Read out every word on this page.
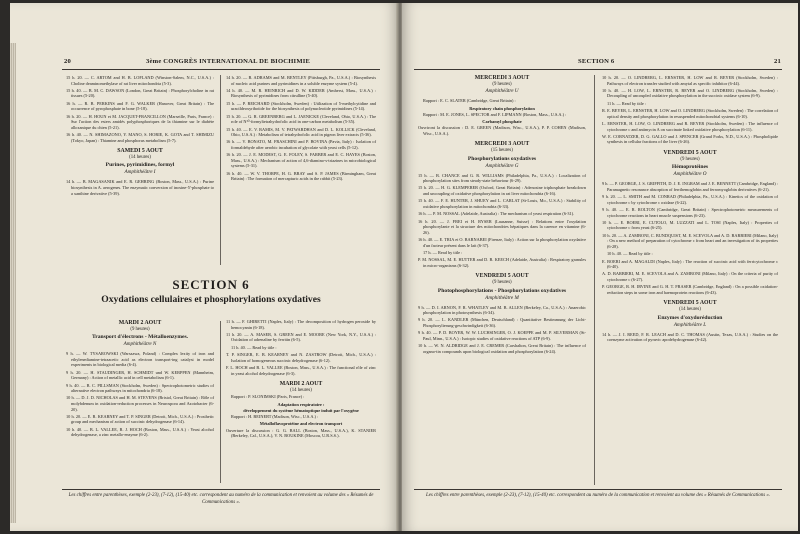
20	3ème CONGRÈS INTERNATIONAL DE BIOCHIMIE

15 h. 20. — C. ARTOM and H. B. LOFLAND (Winston-Salem, N.C., U.S.A.) : Choline deaminomethylase of rat liver mitochondria (5-3).

15 h. 40. — B. M. C. DAWSON (London, Great Britain) : Phosphorylcholine in rat tissues (5-20).

16 h. — R. B. PERKINS and F. G. WALKER (Hanover, Great Britain) : The occurrence of pyrophosphate in bone (5-18).

16 h. 20. — H. HOUN et M. JACQUET-FRANCILLON (Marseille, Paris, France) : Sur l'action des esters amidés polyphosphoriques de la thiamine sur le diabète alloxanique du chien (5-21).

16 h. 40. — N. SHIMAZONO, Y. MANO, S. HORIE, K. GOTA and T. SHIMIZU (Tokyo, Japan) : Thiamine and phosphorus metabolism (5-7).

SAMEDI 5 AOUT
(14 heures)
Purines, pyrimidines, formyl
Amphithéâtre I

14 h. — B. MAGASANIK and E. R. GEHRING (Boston, Mass., U.S.A.) : Purine biosynthesis in A. aerogenes. The enzymatic conversion of inosine-5'-phosphate to a xanthine derivative (5-39).

14 h. 20. — B. ADRAMS and M. BENTLEY (Pittsburgh, Pa., U.S.A.) : Biosynthesis of nucleic acid purines and pyrimidines in a soluble enzyme system (5-4).

14 h. 40. — M. R. HEINRICH and D. W. KIDDER (Amherst, Mass., U.S.A.) : Biosynthesis of pyrimidines from citrulline (5-40).

15 h. — P. REICHARD (Stockholm, Sweden) : Utilization of 5-methylcytidine and uracildeoxyribotide for the biosynthesis of polynucleotide pyrimidines (5-14).

15 h. 20. — G. R. GREENBERG and L. JAENICKE (Cleveland, Ohio, U.S.A.) : The role of N¹⁰-formyltetrahydrofolic acid in one-carbon metabolism (5-35).

15 h. 40. — E. V. RAMIS, M. V. PATWARDHAN and D. L. KOLLICK (Cleveland, Ohio, U.S.A.) : Metabolism of tetrahydrofolic acid in pigeon liver extracts (5-36).

16 h. — V. BONATO, M. FRASCHINI and P. BOVINA (Pavia, Italy) : Isolation of formaldehyde after aerobic incubation of glycolate with yeast cells (5-12).

16 h. 20. — J. E. MODEST, G. E. FOLEY, S. FARBER and E. C. HAYES (Boston, Mass., U.S.A.) : Mechanism of action of 4,6-diamino-s-triazines in microbiological systems (5-31).

16 h. 40. — W. V. THORPE, H. G. BRAY and S. P. JAMES (Birmingham, Great Britain) : The formation of mercapturic acids in the rabbit (5-23).

SECTION 6
Oxydations cellulaires et phosphorylations oxydatives
MARDI 2 AOUT
(9 heures)
Transport d'électrons - Métalloenzymes.
Amphithéâtre N

9 h. — W. TYSAROWSKI (Warszawa, Poland) : Complex lexity of iron and ethylenediamine-tetraacetic acid as electron transport-ing catalyst in model experiments in biological media (6-4).

9 h. 20. — H. STAUDINGER, H. SCHMIDT und W. KERPPEN (Mannheim, Germany) : Action of metallic acid in cell metabolism (6-1).

9 h. 40. — B. C. PILLSMAN (Stockholm, Sweden) : Spectrophotometric studies of alternative electron pathways in mitochondria (6-18).

10 h. — D. J. D. NICHOLAS and H. M. STEVENS (Bristol, Great Britain) : Rôle of molybdenum in oxidation-reduction processes in Neurospora and Azotobacter (6-20).

10 h. 20. — E. R. KEARNEY and T. P. SINGER (Detroit, Mich., U.S.A.) : Prosthetic group and mechanism of action of succinic dehydrogenase (6-14).

10 h. 40. — B. L. VALLEE, R. J. HOCH (Boston, Mass., U.S.A.) : Yeast alcohol dehydrogenase, a zinc metallo-enzyme (6-2).

11 h. — F. GHIRETTI (Naples, Italy) : The decomposition of hydrogen peroxide by hemocyanin (6-18).

11 h. 20. — A. MASER, S. GREEN and E. MOORE (New York, N.Y., U.S.A.) : Oxidation of adrenaline by ferritin (6-5).

11 h. 40. — Read by title :

T. P. SINGER, E. B. KEARNEY and N. ZASTROW (Detroit, Mich., U.S.A.) : Isolation of homogeneous succinic dehydrogenase (6-12).

F. L. HOCH and B. L. VALLEE (Boston, Mass., U.S.A.) : The functional rôle of zinc in yeast alcohol dehydrogenase (6-3).

MARDI 2 AOUT
(14 heures)

Rapport : P. SLONIMSKI (Paris, France) :

Adaptation respiratoire :
développement du système hématoptique induit par l'oxygène

Rapport : H. BEINERT (Madison, Wisc., U.S.A.) :

Métalloflavoprotéine and electron transport

Ouverture la discussion : G. G. BALL (Boston, Mass., U.S.A.), K. STANIER (Berkeley, Cal., U.S.A.), V. N. BOUKINE (Moscou, U.R.S.S.).

Les chiffres entre parenthèses, exemple (2-23), (7-12), (15-40) etc. correspondent au numéro de la communication et renvoient au volume des « Résumés de Communications ».
SECTION 6	21
MERCREDI 3 AOUT
(9 heures)
Amphithéâtre U

Rapport : E. C. SLATER (Cambridge, Great Britain) :

Respiratory chain phosphorylation

Rapport : M. E. JONES, L. SPECTOR and F. LIPMANN (Boston, Mass., U.S.A.) :

Carbamyl phosphate

Ouvriront la discussion : D. E. GREEN (Madison, Wisc., U.S.A.), P. P. COHEN (Madison, Wisc., U.S.A.).

MERCREDI 3 AOUT
(15 heures)
Phosphorylations oxydatives
Amphithéâtre G

15 h. — B. CHANCE and G. R. WILLIAMS (Philadelphia, Pa., U.S.A.) : Localization of phosphorylation sites from steady-state behaviour (6-29).

15 h. 20. — H. G. KLEMPERER (Oxford, Great Britain) : Adenosine triphosphate breakdown and uncoupling of oxidative phosphorylation in rat liver mitochondria (6-16).

15 h. 40. — F. E. HUNTER, J. SHUEY and L. CARLAT (St-Louis, Mo., U.S.A.) : Stability of oxidative phosphorylation in mitochondria (6-33).

16 h. — P. M. NOSSAL (Adelaide, Australia) : The mechanism of yeast respiration (6-31).

16 h. 20. — J. FREI et H. RYSER (Lausanne, Suisse) : Relations entre l'oxydation phosphorylante et la structure des mitochondries hépatiques dans la carence en vitamine (6-26).

16 h. 40. — E. TRIA et O. BARNABEI (Firenze, Italy) : Action sur la phosphorylation oxydative d'un facteur présent dans le lait (6-37).

17 h. — Read by title :

P. M. NOSSAL, M. E. HUTTER and D. B. KEECH (Adelaide, Australia) : Respiratory granules in micro-organisms (6-32).

VENDREDI 5 AOUT
(9 heures)
Photophosphorylations - Phosphorylations oxydatives
Amphithéâtre M

9 h. — D. I. ARNON, F. R. WHATLEY and M. B. ALLEN (Berkeley, Ca., U.S.A.) : Anaerobic phosphorylation in photosynthesis (6-34).

9 h. 20. — L. KANDLER (München, Deutschland) : Quantitative Bestimmung der Licht-Phosphorylierung-geschwindigkeit (6-36).

9 h. 40. — P. D. BOYER, W. W. LUCHSINGER, O. J. KOEPPE and M. P. SILVERMAN (St-Paul, Minn., U.S.A.) : Isotopic studies of oxidative reactions of ATP (6-9).

10 h. — W. N. ALDRIDGE and J. E. CREMER (Carshalton, Great Britain) : The influence of organo-tin compounds upon biological oxidation and phosphorylation (6-24).

10 h. 20. — O. LINDBERG, L. ERNSTER, H. LOW and R. BEYER (Stockholm, Sweden) : Pathways of electron transfer studied with amytal as specific inhibitor (6-44).

10 h. 40. — H. LOW, L. ERNSTER, R. BEYER and O. LINDBERG (Stockholm, Sweden) : Decoupling of uncoupled oxidative phosphorylation in the succinic oxidase system (6-9).

11 h. — Read by title :

R. E. BEYER, L. ERNSTER, H. LOW and O. LINDBERG (Stockholm, Sweden) : The correlation of optical density and phosphorylation in resuspended mitochondrial systems (6-10).

L. ERNSTER, H. LOW, O. LINDBERG and R. BEYER (Stockholm, Sweden) : The influence of cytochrome c and antimycin A on succinate linked oxidative phosphorylation (6-11).

W. E. CORNATZER, D. G. GALLO and J. SPENCER (Grand Forks, N.D., U.S.A.) : Phospholipide synthesis in cellular fractions of the liver (6-26).

VENDREDI 5 AOUT
(9 heures)
Hémoprotéines
Amphithéâtre O

9 h. — P. GEORGE, J. S. GRIFFITH, D. J. E. INGRAM and J. E. BENNETT (Cambridge, England) : Paramagnetic resonance absorption of ferrihemoglobin and ferromyoglobin derivatives (6-21).

9 h. 20. — L. SMITH and M. CONRAD (Philadelphia, Pa., U.S.A.) : Kinetics of the oxidation of cytochrome c by cytochrome c oxidase (6-22).

9 h. 40. — E. R. ROLTON (Cambridge, Great Britain) : Spectrophotometric measurements of cytochrome reactions in heart muscle suspensions (6-23).

10 h. — E. BOERI, E. CUTOLO, M. LUZZATI and L. TOSI (Naples, Italy) : Properties of cytochrome c from yeast (6-25).

10 h. 20. — A. ZAMBONI, C. BUNDQUIST, M. E. SCEVOLA and A. D. BARBIERI (Milano, Italy) : On a new method of preparation of cytochrome c from heart and an investigation of its properties (6-28).

10 h. 40. — Read by title :

E. BOERI and A. MAGALDI (Naples, Italy) : The reaction of succinic acid with ferricytochrome c (6-40).

A. D. BARBIERI, M. E. SCEVOLA and A. ZAMBONI (Milano, Italy) : On the criteria of purity of cytochrome c (6-27).

P. GEORGE, R. H. IRVINE and G. H. T. FRASER (Cambridge, England) : On a possible oxidation-reduction steps in some iron and haemoprotein reactions (6-43).

VENDREDI 5 AOUT
(14 heures)
Enzymes d'oxydoréduction
Amphithéâtre L

14 h. — J. I. REED, F. R. LEACH and D. C. THOMAS (Austin, Texas, U.S.A.) : Studies on the coenzyme activation of pyruvic apodehydrogenase (6-42).

Les chiffres entre parenthèses, exemple (2-23), (7-12), (15-40) etc. correspondent au numéro de la communication et renvoient au volume des « Résumés de Communications ».
